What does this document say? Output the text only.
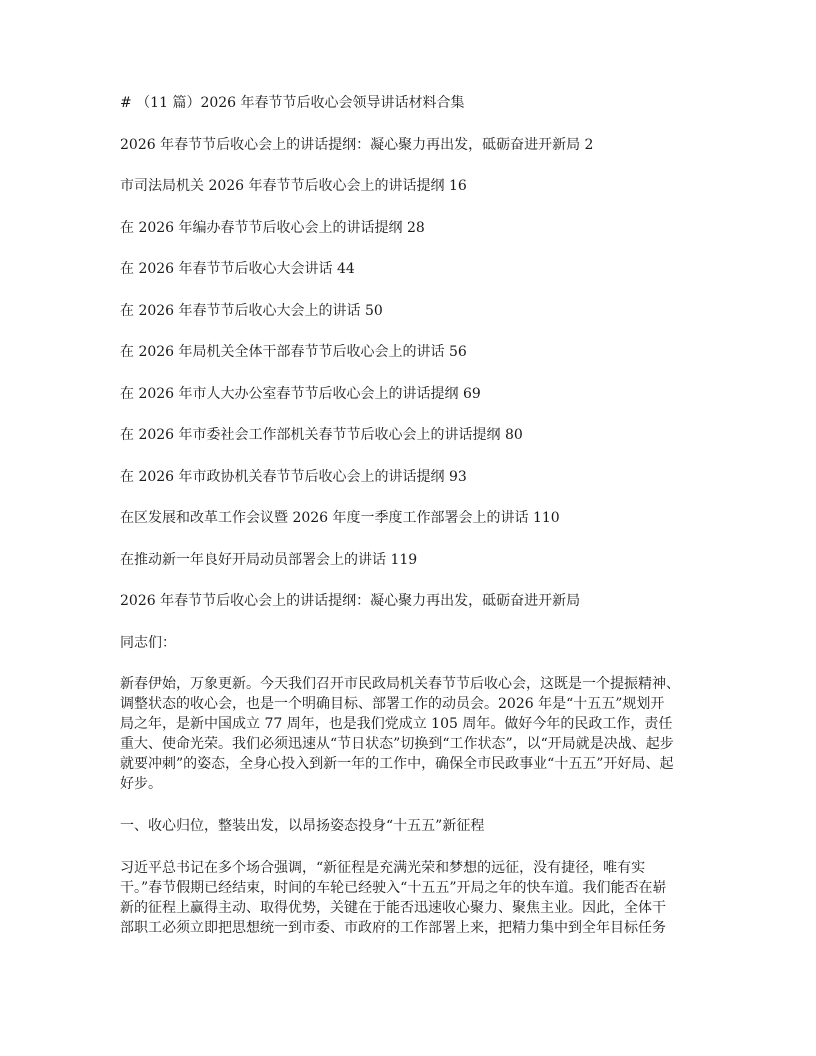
# （11 篇）2026 年春节节后收心会领导讲话材料合集
2026 年春节节后收心会上的讲话提纲：凝心聚力再出发，砥砺奋进开新局 2
市司法局机关 2026 年春节节后收心会上的讲话提纲 16
在 2026 年编办春节节后收心会上的讲话提纲 28
在 2026 年春节节后收心大会讲话 44
在 2026 年春节节后收心大会上的讲话 50
在 2026 年局机关全体干部春节节后收心会上的讲话 56
在 2026 年市人大办公室春节节后收心会上的讲话提纲 69
在 2026 年市委社会工作部机关春节节后收心会上的讲话提纲 80
在 2026 年市政协机关春节节后收心会上的讲话提纲 93
在区发展和改革工作会议暨 2026 年度一季度工作部署会上的讲话 110
在推动新一年良好开局动员部署会上的讲话 119
2026 年春节节后收心会上的讲话提纲：凝心聚力再出发，砥砺奋进开新局
同志们：
新春伊始，万象更新。今天我们召开市民政局机关春节节后收心会，这既是一个提振精神、
调整状态的收心会，也是一个明确目标、部署工作的动员会。2026 年是“十五五”规划开
局之年，是新中国成立 77 周年，也是我们党成立 105 周年。做好今年的民政工作，责任
重大、使命光荣。我们必须迅速从“节日状态”切换到“工作状态”，以“开局就是决战、起步
就要冲刺”的姿态，全身心投入到新一年的工作中，确保全市民政事业“十五五”开好局、起
好步。
一、收心归位，整装出发，以昂扬姿态投身“十五五”新征程
习近平总书记在多个场合强调，“新征程是充满光荣和梦想的远征，没有捷径，唯有实
干。”春节假期已经结束，时间的车轮已经驶入“十五五”开局之年的快车道。我们能否在崭
新的征程上赢得主动、取得优势，关键在于能否迅速收心聚力、聚焦主业。因此，全体干
部职工必须立即把思想统一到市委、市政府的工作部署上来，把精力集中到全年目标任务
